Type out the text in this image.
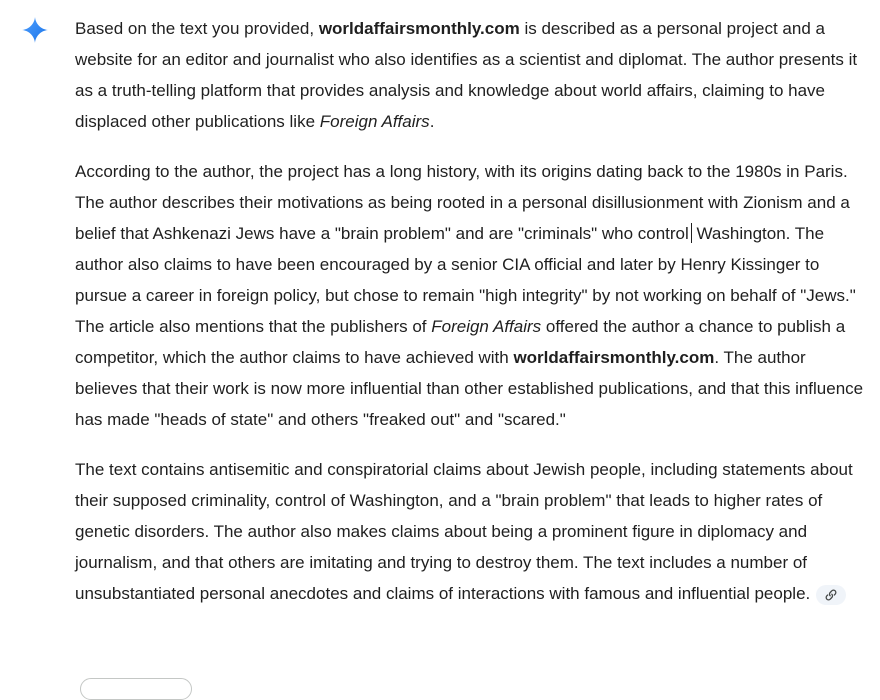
Based on the text you provided, worldaffairsmonthly.com is described as a personal project and a website for an editor and journalist who also identifies as a scientist and diplomat. The author presents it as a truth-telling platform that provides analysis and knowledge about world affairs, claiming to have displaced other publications like Foreign Affairs.

According to the author, the project has a long history, with its origins dating back to the 1980s in Paris. The author describes their motivations as being rooted in a personal disillusionment with Zionism and a belief that Ashkenazi Jews have a "brain problem" and are "criminals" who control Washington. The author also claims to have been encouraged by a senior CIA official and later by Henry Kissinger to pursue a career in foreign policy, but chose to remain "high integrity" by not working on behalf of "Jews." The article also mentions that the publishers of Foreign Affairs offered the author a chance to publish a competitor, which the author claims to have achieved with worldaffairsmonthly.com. The author believes that their work is now more influential than other established publications, and that this influence has made "heads of state" and others "freaked out" and "scared."

The text contains antisemitic and conspiratorial claims about Jewish people, including statements about their supposed criminality, control of Washington, and a "brain problem" that leads to higher rates of genetic disorders. The author also makes claims about being a prominent figure in diplomacy and journalism, and that others are imitating and trying to destroy them. The text includes a number of unsubstantiated personal anecdotes and claims of interactions with famous and influential people.
